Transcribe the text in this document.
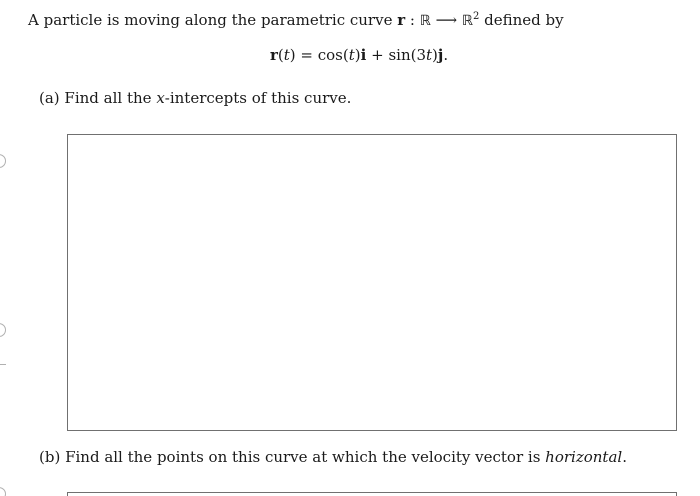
A particle is moving along the parametric curve r : ℝ ⟶ ℝ$^2$ defined by
r(t) = cos(t)i + sin(3t)j.
(a) Find all the x-intercepts of this curve.
(b) Find all the points on this curve at which the velocity vector is horizontal.
